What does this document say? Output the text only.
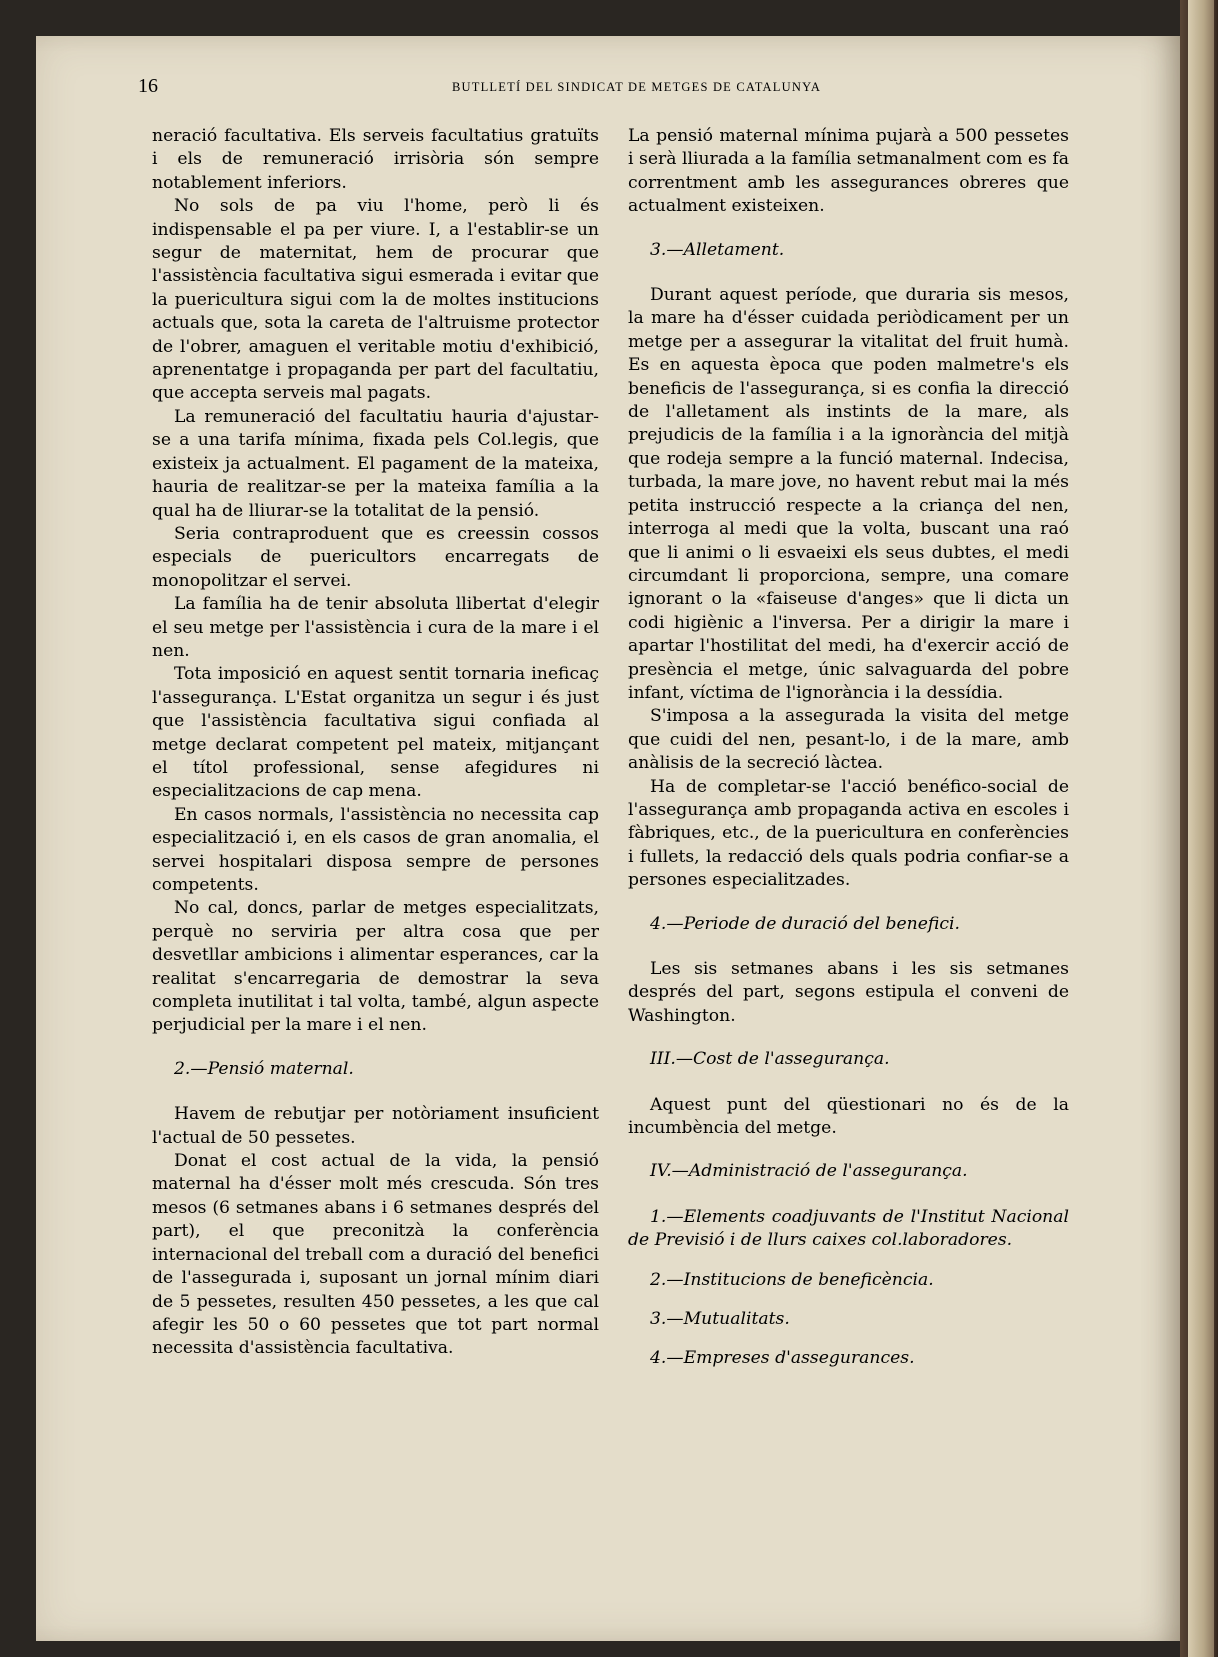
16	BUTLLETÍ DEL SINDICAT DE METGES DE CATALUNYA

neració facultativa. Els serveis facultatius gratuïts i els de remuneració irrisòria són sempre notablement inferiors.

No sols de pa viu l'home, però li és indispensable el pa per viure. I, a l'establir-se un segur de maternitat, hem de procurar que l'assistència facultativa sigui esmerada i evitar que la puericultura sigui com la de moltes institucions actuals que, sota la careta de l'altruisme protector de l'obrer, amaguen el veritable motiu d'exhibició, aprenentatge i propaganda per part del facultatiu, que accepta serveis mal pagats.

La remuneració del facultatiu hauria d'ajustar-se a una tarifa mínima, fixada pels Col.legis, que existeix ja actualment. El pagament de la mateixa, hauria de realitzar-se per la mateixa família a la qual ha de lliurar-se la totalitat de la pensió.

Seria contraproduent que es creessin cossos especials de puericultors encarregats de monopolitzar el servei.

La família ha de tenir absoluta llibertat d'elegir el seu metge per l'assistència i cura de la mare i el nen.

Tota imposició en aquest sentit tornaria ineficaç l'assegurança. L'Estat organitza un segur i és just que l'assistència facultativa sigui confiada al metge declarat competent pel mateix, mitjançant el títol professional, sense afegidures ni especialitzacions de cap mena.

En casos normals, l'assistència no necessita cap especialització i, en els casos de gran anomalia, el servei hospitalari disposa sempre de persones competents.

No cal, doncs, parlar de metges especialitzats, perquè no serviria per altra cosa que per desvetllar ambicions i alimentar esperances, car la realitat s'encarregaria de demostrar la seva completa inutilitat i tal volta, també, algun aspecte perjudicial per la mare i el nen.

2.—Pensió maternal.

Havem de rebutjar per notòriament insuficient l'actual de 50 pessetes.

Donat el cost actual de la vida, la pensió maternal ha d'ésser molt més crescuda. Són tres mesos (6 setmanes abans i 6 setmanes després del part), el que preconitzà la conferència internacional del treball com a duració del benefici de l'assegurada i, suposant un jornal mínim diari de 5 pessetes, resulten 450 pessetes, a les que cal afegir les 50 o 60 pessetes que tot part normal necessita d'assistència facultativa.

La pensió maternal mínima pujarà a 500 pessetes i serà lliurada a la família setmanalment com es fa correntment amb les assegurances obreres que actualment existeixen.

3.—Alletament.

Durant aquest període, que duraria sis mesos, la mare ha d'ésser cuidada periòdicament per un metge per a assegurar la vitalitat del fruit humà. Es en aquesta època que poden malmetre's els beneficis de l'assegurança, si es confia la direcció de l'alletament als instints de la mare, als prejudicis de la família i a la ignorància del mitjà que rodeja sempre a la funció maternal. Indecisa, turbada, la mare jove, no havent rebut mai la més petita instrucció respecte a la criança del nen, interroga al medi que la volta, buscant una raó que li animi o li esvaeixi els seus dubtes, el medi circumdant li proporciona, sempre, una comare ignorant o la «faiseuse d'anges» que li dicta un codi higiènic a l'inversa. Per a dirigir la mare i apartar l'hostilitat del medi, ha d'exercir acció de presència el metge, únic salvaguarda del pobre infant, víctima de l'ignorància i la dessídia.

S'imposa a la assegurada la visita del metge que cuidi del nen, pesant-lo, i de la mare, amb anàlisis de la secreció làctea.

Ha de completar-se l'acció benéfico-social de l'assegurança amb propaganda activa en escoles i fàbriques, etc., de la puericultura en conferències i fullets, la redacció dels quals podria confiar-se a persones especialitzades.

4.—Periode de duració del benefici.

Les sis setmanes abans i les sis setmanes després del part, segons estipula el conveni de Washington.

III.—Cost de l'assegurança.

Aquest punt del qüestionari no és de la incumbència del metge.

IV.—Administració de l'assegurança.

1.—Elements coadjuvants de l'Institut Nacional de Previsió i de llurs caixes col.laboradores.

2.—Institucions de beneficència.

3.—Mutualitats.

4.—Empreses d'assegurances.
